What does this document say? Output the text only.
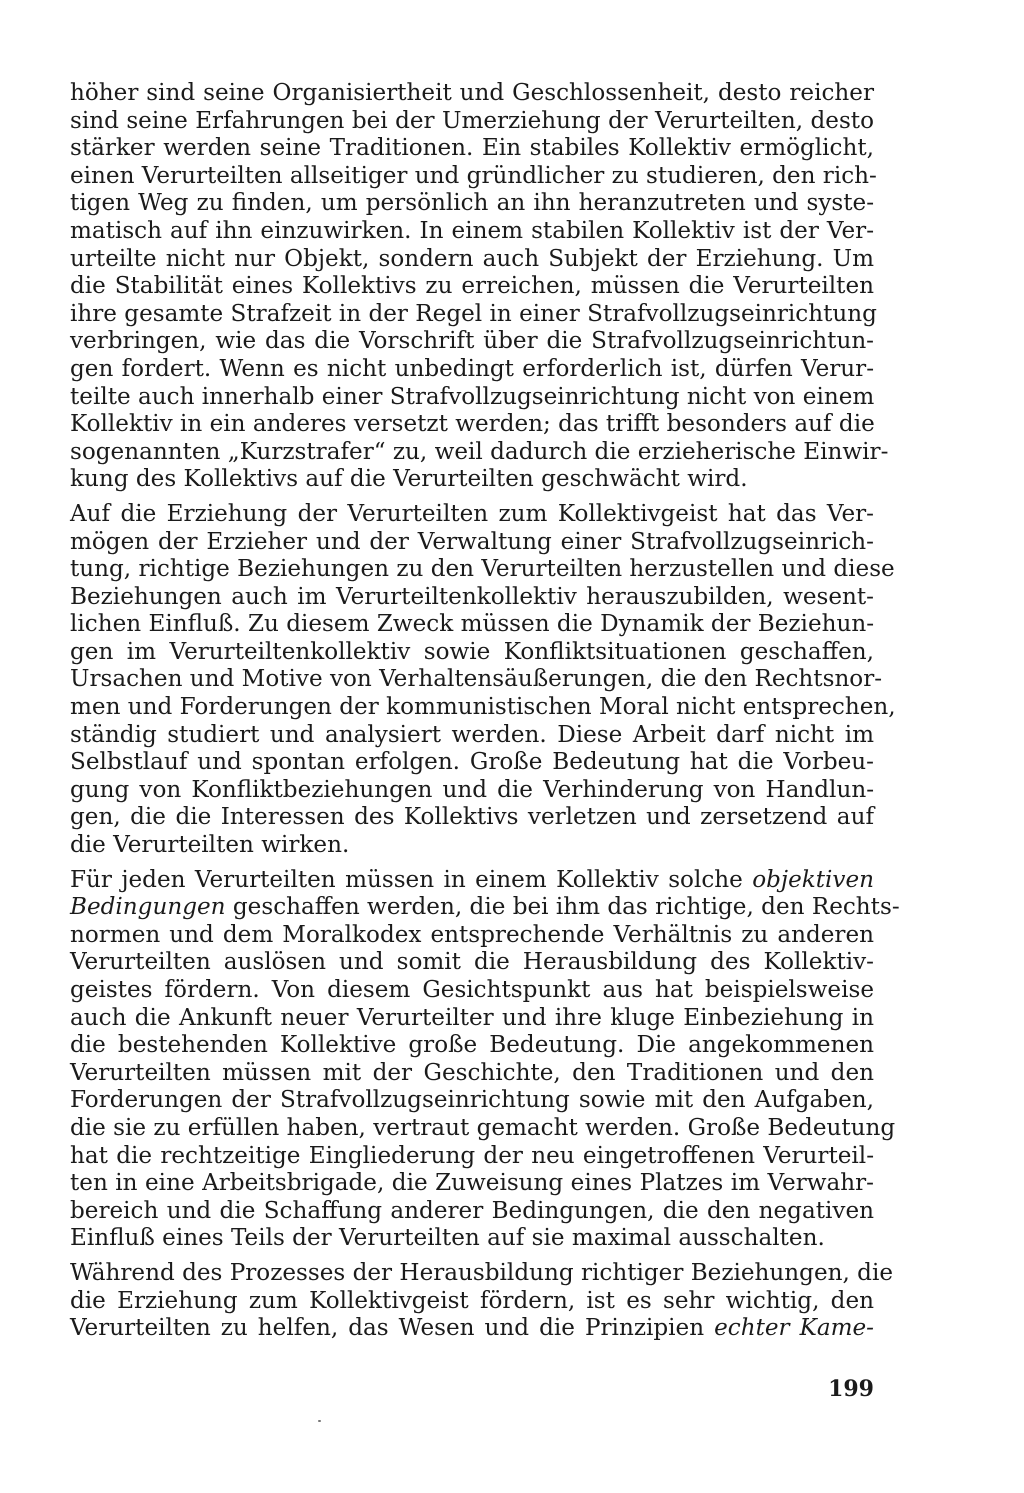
höher sind seine Organisiertheit und Geschlossenheit, desto reicher
sind seine Erfahrungen bei der Umerziehung der Verurteilten, desto
stärker werden seine Traditionen. Ein stabiles Kollektiv ermöglicht,
einen Verurteilten allseitiger und gründlicher zu studieren, den rich-
tigen Weg zu finden, um persönlich an ihn heranzutreten und syste-
matisch auf ihn einzuwirken. In einem stabilen Kollektiv ist der Ver-
urteilte nicht nur Objekt, sondern auch Subjekt der Erziehung. Um
die Stabilität eines Kollektivs zu erreichen, müssen die Verurteilten
ihre gesamte Strafzeit in der Regel in einer Strafvollzugseinrichtung
verbringen, wie das die Vorschrift über die Strafvollzugseinrichtun-
gen fordert. Wenn es nicht unbedingt erforderlich ist, dürfen Verur-
teilte auch innerhalb einer Strafvollzugseinrichtung nicht von einem
Kollektiv in ein anderes versetzt werden; das trifft besonders auf die
sogenannten „Kurzstrafer“ zu, weil dadurch die erzieherische Einwir-
kung des Kollektivs auf die Verurteilten geschwächt wird.
Auf die Erziehung der Verurteilten zum Kollektivgeist hat das Ver-
mögen der Erzieher und der Verwaltung einer Strafvollzugseinrich-
tung, richtige Beziehungen zu den Verurteilten herzustellen und diese
Beziehungen auch im Verurteiltenkollektiv herauszubilden, wesent-
lichen Einfluß. Zu diesem Zweck müssen die Dynamik der Beziehun-
gen im Verurteiltenkollektiv sowie Konfliktsituationen geschaffen,
Ursachen und Motive von Verhaltensäußerungen, die den Rechtsnor-
men und Forderungen der kommunistischen Moral nicht entsprechen,
ständig studiert und analysiert werden. Diese Arbeit darf nicht im
Selbstlauf und spontan erfolgen. Große Bedeutung hat die Vorbeu-
gung von Konfliktbeziehungen und die Verhinderung von Handlun-
gen, die die Interessen des Kollektivs verletzen und zersetzend auf
die Verurteilten wirken.
Für jeden Verurteilten müssen in einem Kollektiv solche objektiven
Bedingungen geschaffen werden, die bei ihm das richtige, den Rechts-
normen und dem Moralkodex entsprechende Verhältnis zu anderen
Verurteilten auslösen und somit die Herausbildung des Kollektiv-
geistes fördern. Von diesem Gesichtspunkt aus hat beispielsweise
auch die Ankunft neuer Verurteilter und ihre kluge Einbeziehung in
die bestehenden Kollektive große Bedeutung. Die angekommenen
Verurteilten müssen mit der Geschichte, den Traditionen und den
Forderungen der Strafvollzugseinrichtung sowie mit den Aufgaben,
die sie zu erfüllen haben, vertraut gemacht werden. Große Bedeutung
hat die rechtzeitige Eingliederung der neu eingetroffenen Verurteil-
ten in eine Arbeitsbrigade, die Zuweisung eines Platzes im Verwahr-
bereich und die Schaffung anderer Bedingungen, die den negativen
Einfluß eines Teils der Verurteilten auf sie maximal ausschalten.
Während des Prozesses der Herausbildung richtiger Beziehungen, die
die Erziehung zum Kollektivgeist fördern, ist es sehr wichtig, den
Verurteilten zu helfen, das Wesen und die Prinzipien echter Kame-
199
